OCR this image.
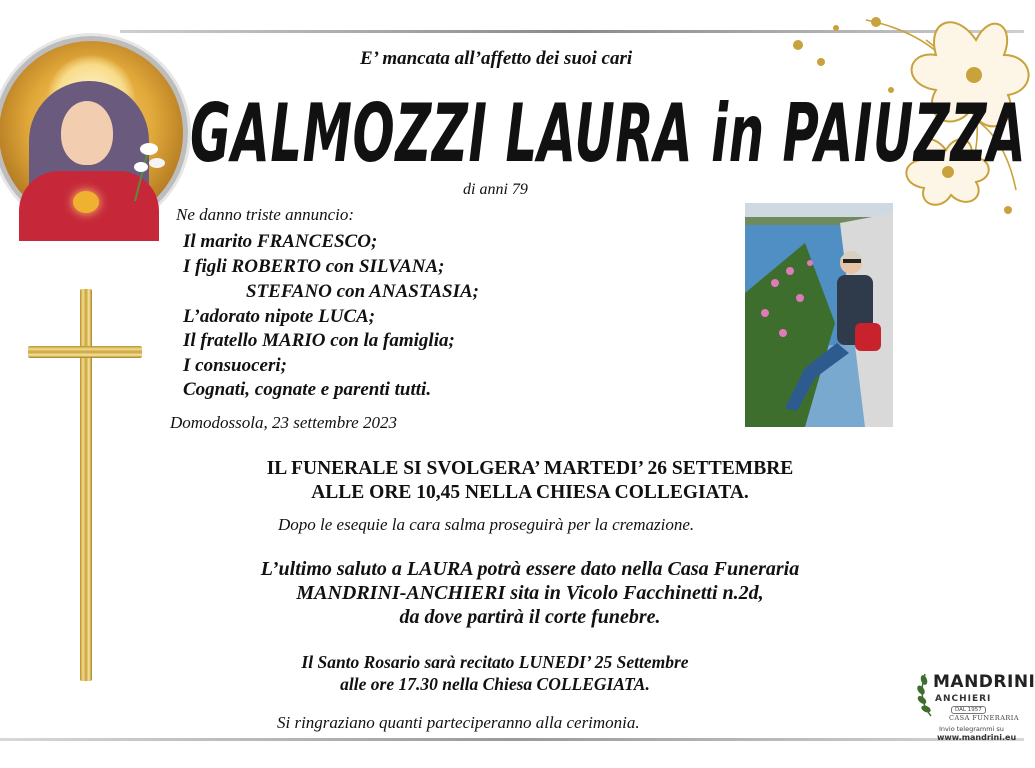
E’ mancata all’affetto dei suoi cari
GALMOZZI LAURA in PAIUZZA
di anni 79
Ne danno triste annuncio:
Il marito FRANCESCO;
I figli ROBERTO con SILVANA;
STEFANO con ANASTASIA;
L’adorato nipote LUCA;
Il fratello MARIO con la famiglia;
I consuoceri;
Cognati, cognate e parenti tutti.
Domodossola, 23 settembre 2023
IL FUNERALE SI SVOLGERA’ MARTEDI’ 26 SETTEMBRE
ALLE ORE 10,45 NELLA CHIESA COLLEGIATA.
Dopo le esequie la cara salma proseguirà per la cremazione.
L’ultimo saluto a LAURA potrà essere dato nella Casa Funeraria
MANDRINI-ANCHIERI sita in Vicolo Facchinetti n.2d,
da dove partirà il corte funebre.
Il Santo Rosario sarà recitato LUNEDI’ 25 Settembre
alle ore 17.30 nella Chiesa COLLEGIATA.
Si ringraziano quanti parteciperanno alla cerimonia.
MANDRINI
ANCHIERI
DAL 1957
CASA FUNERARIA
Invio telegrammi su
www.mandrini.eu
